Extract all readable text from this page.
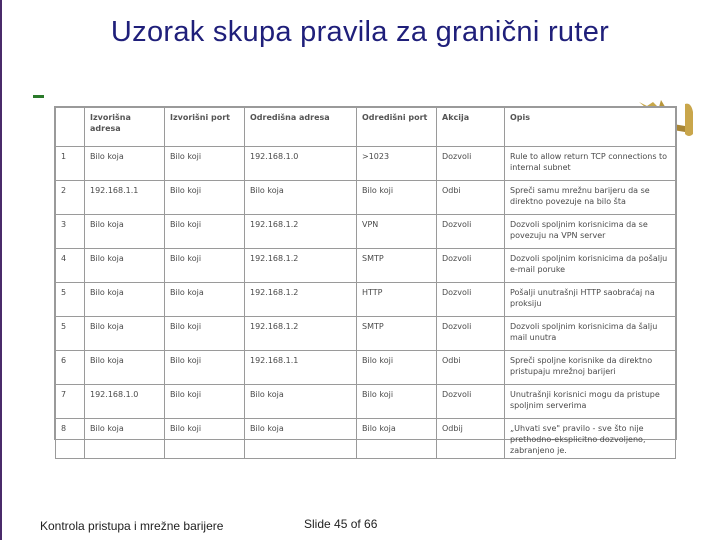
Uzorak skupa pravila za granični ruter
	Izvorišna adresa	Izvorišni port	Odredišna adresa	Odredišni port	Akcija	Opis
1	Bilo koja	Bilo koji	192.168.1.0	>1023	Dozvoli	Rule to allow return TCP connections to internal subnet
2	192.168.1.1	Bilo koji	Bilo koja	Bilo koji	Odbi	Spreči samu mrežnu barijeru da se direktno povezuje na bilo šta
3	Bilo koja	Bilo koji	192.168.1.2	VPN	Dozvoli	Dozvoli spoljnim korisnicima da se povezuju na VPN server
4	Bilo koja	Bilo koji	192.168.1.2	SMTP	Dozvoli	Dozvoli spoljnim korisnicima da pošalju e-mail poruke
5	Bilo koja	Bilo koja	192.168.1.2	HTTP	Dozvoli	Pošalji unutrašnji HTTP saobraćaj na proksiju
5	Bilo koja	Bilo koji	192.168.1.2	SMTP	Dozvoli	Dozvoli spoljnim korisnicima da šalju mail unutra
6	Bilo koja	Bilo koji	192.168.1.1	Bilo koji	Odbi	Spreči spoljne korisnike da direktno pristupaju mrežnoj barijeri
7	192.168.1.0	Bilo koji	Bilo koja	Bilo koji	Dozvoli	Unutrašnji korisnici mogu da pristupe spoljnim serverima
8	Bilo koja	Bilo koji	Bilo koja	Bilo koja	Odbij	„Uhvati sve" pravilo - sve što nije prethodno-eksplicitno dozvoljeno, zabranjeno je.
Kontrola pristupa i mrežne barijere	Slide 45 of 66
